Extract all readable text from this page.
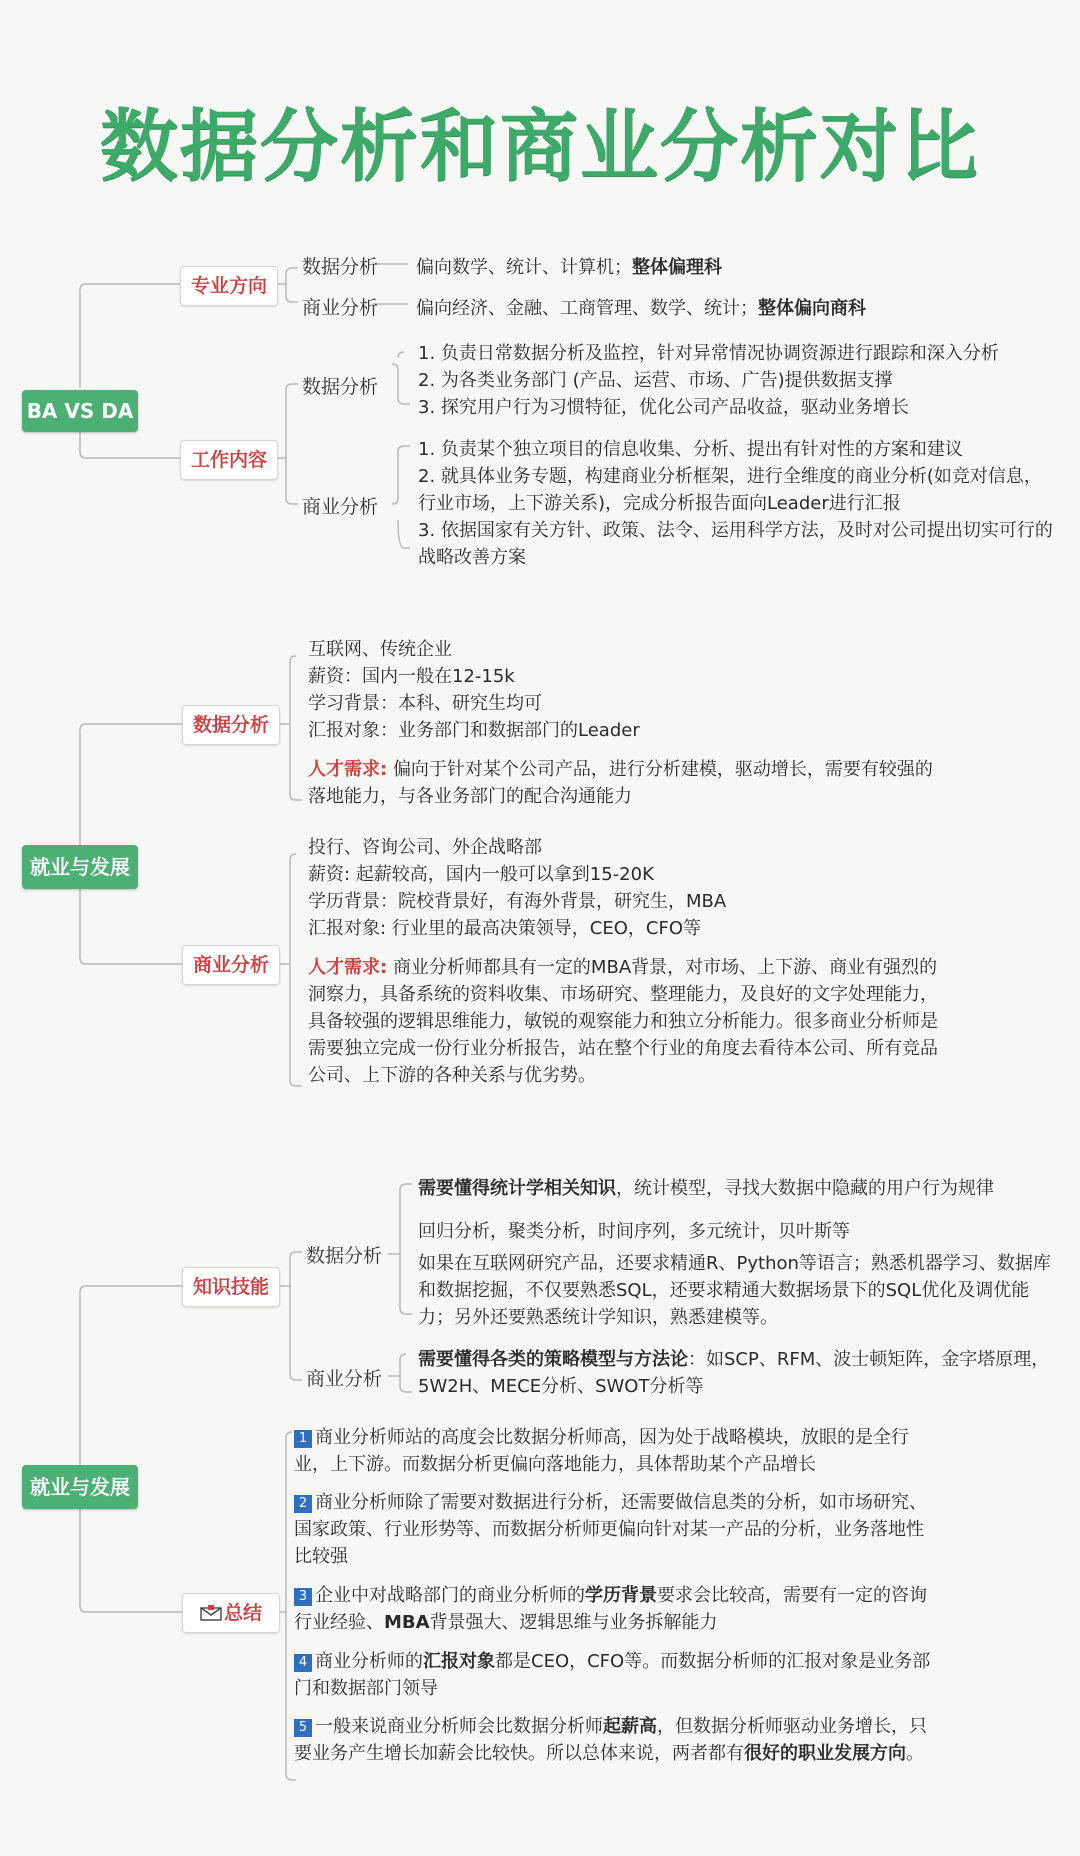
数据分析和商业分析对比
BA VS DA
专业方向
数据分析 偏向数学、统计、计算机；整体偏理科
商业分析 偏向经济、金融、工商管理、数学、统计；整体偏向商科
工作内容
数据分析
1. 负责日常数据分析及监控，针对异常情况协调资源进行跟踪和深入分析
2. 为各类业务部门 (产品、运营、市场、广告)提供数据支撑
3. 探究用户行为习惯特征，优化公司产品收益，驱动业务增长
商业分析
1. 负责某个独立项目的信息收集、分析、提出有针对性的方案和建议
2. 就具体业务专题，构建商业分析框架，进行全维度的商业分析(如竞对信息，行业市场，上下游关系)，完成分析报告面向Leader进行汇报
3. 依据国家有关方针、政策、法令、运用科学方法，及时对公司提出切实可行的战略改善方案
就业与发展
数据分析
互联网、传统企业
薪资：国内一般在12-15k
学习背景：本科、研究生均可
汇报对象：业务部门和数据部门的Leader
人才需求: 偏向于针对某个公司产品，进行分析建模，驱动增长，需要有较强的落地能力，与各业务部门的配合沟通能力
商业分析
投行、咨询公司、外企战略部
薪资: 起薪较高，国内一般可以拿到15-20K
学历背景：院校背景好，有海外背景，研究生，MBA
汇报对象: 行业里的最高决策领导，CEO，CFO等
人才需求: 商业分析师都具有一定的MBA背景，对市场、上下游、商业有强烈的洞察力，具备系统的资料收集、市场研究、整理能力，及良好的文字处理能力，具备较强的逻辑思维能力，敏锐的观察能力和独立分析能力。很多商业分析师是需要独立完成一份行业分析报告，站在整个行业的角度去看待本公司、所有竞品公司、上下游的各种关系与优劣势。
就业与发展
知识技能
数据分析
需要懂得统计学相关知识，统计模型，寻找大数据中隐藏的用户行为规律
回归分析，聚类分析，时间序列，多元统计，贝叶斯等
如果在互联网研究产品，还要求精通R、Python等语言；熟悉机器学习、数据库和数据挖掘，不仅要熟悉SQL，还要求精通大数据场景下的SQL优化及调优能力；另外还要熟悉统计学知识，熟悉建模等。
商业分析
需要懂得各类的策略模型与方法论：如SCP、RFM、波士顿矩阵，金字塔原理，5W2H、MECE分析、SWOT分析等
总结
1 商业分析师站的高度会比数据分析师高，因为处于战略模块，放眼的是全行业，上下游。而数据分析更偏向落地能力，具体帮助某个产品增长
2 商业分析师除了需要对数据进行分析，还需要做信息类的分析，如市场研究、国家政策、行业形势等、而数据分析师更偏向针对某一产品的分析，业务落地性比较强
3 企业中对战略部门的商业分析师的学历背景要求会比较高，需要有一定的咨询行业经验、MBA背景强大、逻辑思维与业务拆解能力
4 商业分析师的汇报对象都是CEO，CFO等。而数据分析师的汇报对象是业务部门和数据部门领导
5 一般来说商业分析师会比数据分析师起薪高，但数据分析师驱动业务增长，只要业务产生增长加薪会比较快。所以总体来说，两者都有很好的职业发展方向。
